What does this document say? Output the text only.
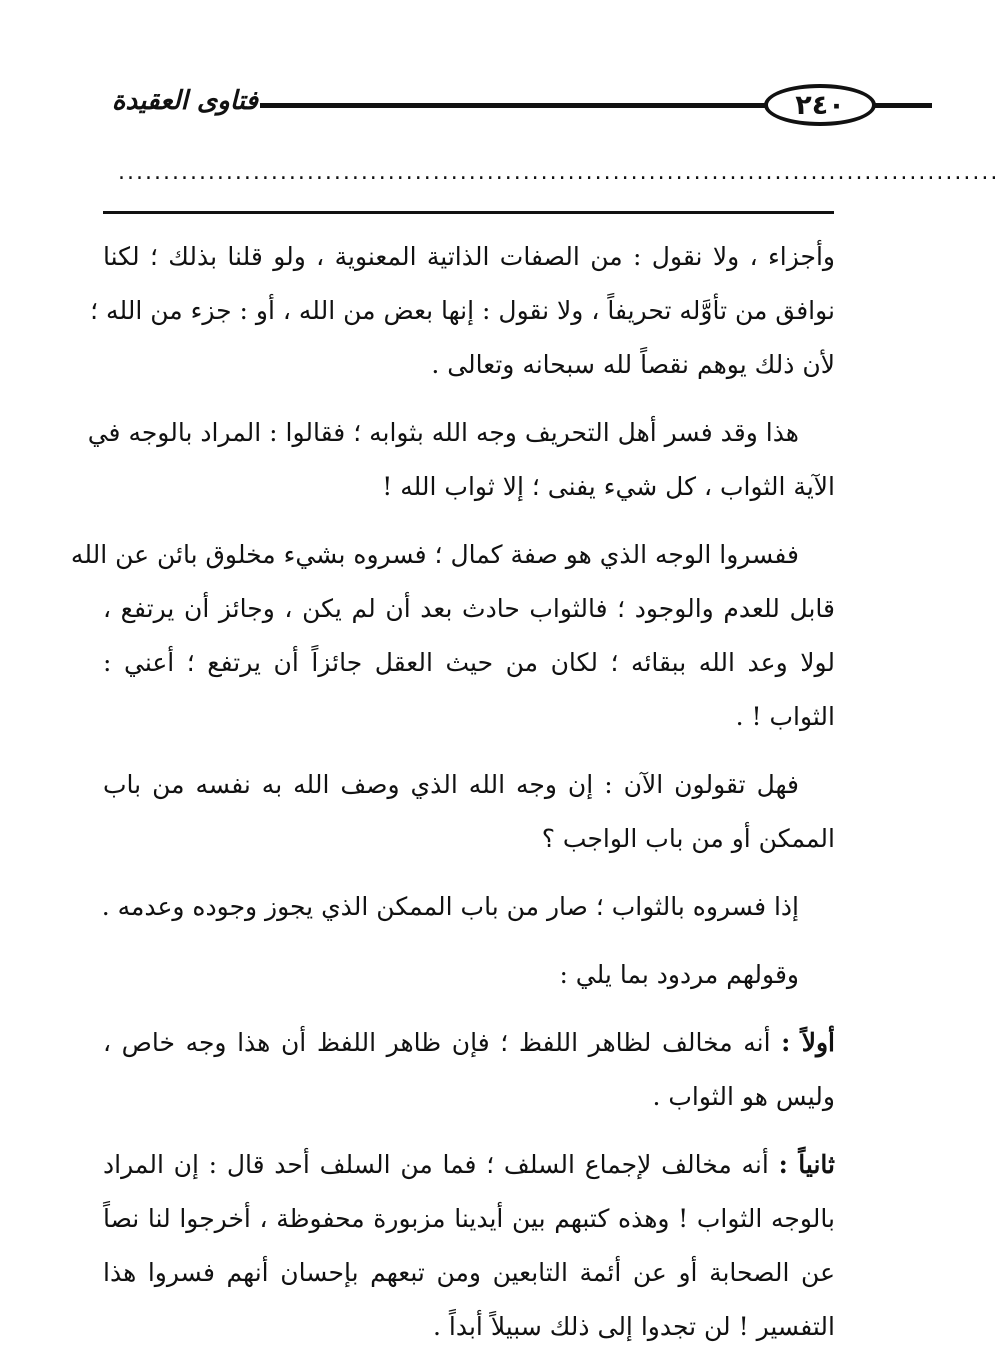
فتاوى العقيدة	٢٤٠
..................................................................................................
وأجزاء ، ولا نقول : من الصفات الذاتية المعنوية ، ولو قلنا بذلك ؛ لكنا
نوافق من تأوَّله تحريفاً ، ولا نقول : إنها بعض من الله ، أو : جزء من الله ؛
لأن ذلك يوهم نقصاً لله سبحانه وتعالى .
هذا وقد فسر أهل التحريف وجه الله بثوابه ؛ فقالوا : المراد بالوجه في
الآية الثواب ، كل شيء يفنى ؛ إلا ثواب الله !
ففسروا الوجه الذي هو صفة كمال ؛ فسروه بشيء مخلوق بائن عن الله
قابل للعدم والوجود ؛ فالثواب حادث بعد أن لم يكن ، وجائز أن يرتفع ،
لولا وعد الله ببقائه ؛ لكان من حيث العقل جائزاً أن يرتفع ؛ أعني :
الثواب ! .
فهل تقولون الآن : إن وجه الله الذي وصف الله به نفسه من باب
الممكن أو من باب الواجب ؟
إذا فسروه بالثواب ؛ صار من باب الممكن الذي يجوز وجوده وعدمه .
وقولهم مردود بما يلي :
أولاً : أنه مخالف لظاهر اللفظ ؛ فإن ظاهر اللفظ أن هذا وجه خاص ،
وليس هو الثواب .
ثانياً : أنه مخالف لإجماع السلف ؛ فما من السلف أحد قال : إن المراد
بالوجه الثواب ! وهذه كتبهم بين أيدينا مزبورة محفوظة ، أخرجوا لنا نصاً
عن الصحابة أو عن أئمة التابعين ومن تبعهم بإحسان أنهم فسروا هذا
التفسير ! لن تجدوا إلى ذلك سبيلاً أبداً .
